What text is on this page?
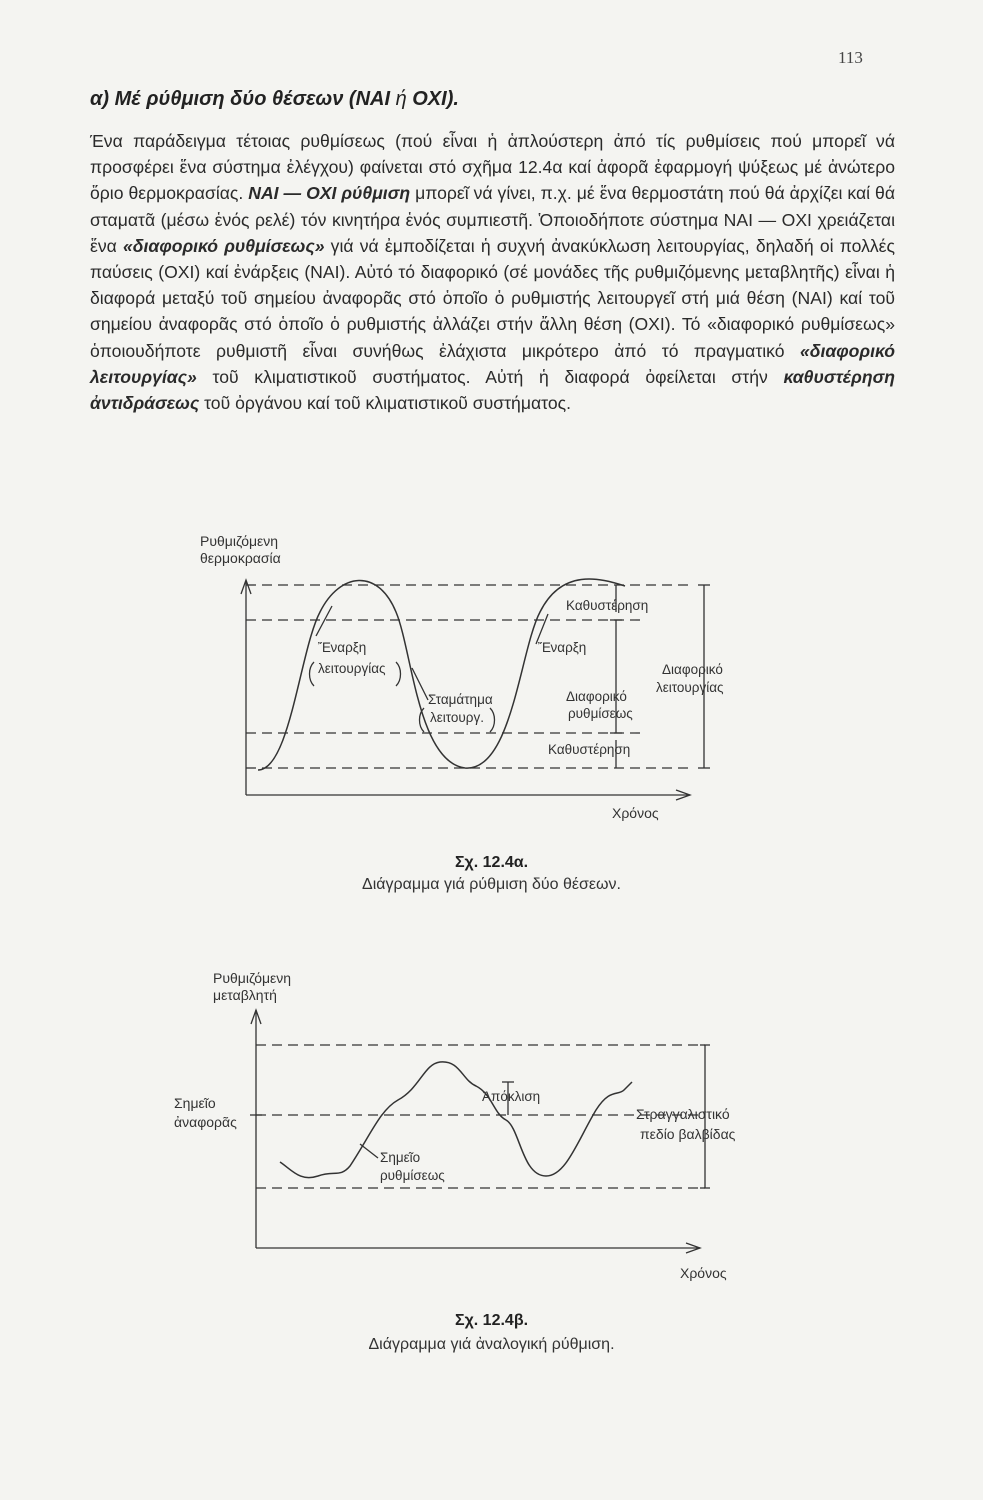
113
α) Μέ ρύθμιση δύο θέσεων (ΝΑΙ ή ΟΧΙ).
Ένα παράδειγμα τέτοιας ρυθμίσεως (πού εἶναι ἡ ἁπλούστερη ἀπό τίς ρυθμίσεις πού μπορεῖ νά προσφέρει ἕνα σύστημα ἐλέγχου) φαίνεται στό σχῆμα 12.4α καί ἀφορᾶ ἐφαρμογή ψύξεως μέ ἀνώτερο ὅριο θερμοκρασίας. ΝΑΙ — ΟΧΙ ρύθμιση μπορεῖ νά γίνει, π.χ. μέ ἕνα θερμοστάτη πού θά ἀρχίζει καί θά σταματᾶ (μέσω ἑνός ρελέ) τόν κινητήρα ἑνός συμπιεστῆ. Ὁποιοδήποτε σύστημα ΝΑΙ — ΟΧΙ χρειάζεται ἕνα «διαφορικό ρυθμίσεως» γιά νά ἐμποδίζεται ἡ συχνή ἀνακύκλωση λειτουργίας, δηλαδή οἱ πολλές παύσεις (ΟΧΙ) καί ἐνάρξεις (ΝΑΙ). Αὐτό τό διαφορικό (σέ μονάδες τῆς ρυθμιζόμενης μεταβλητῆς) εἶναι ἡ διαφορά μεταξύ τοῦ σημείου ἀναφορᾶς στό ὁποῖο ὁ ρυθμιστής λειτουργεῖ στή μιά θέση (ΝΑΙ) καί τοῦ σημείου ἀναφορᾶς στό ὁποῖο ὁ ρυθμιστής ἀλλάζει στήν ἄλλη θέση (ΟΧΙ). Τό «διαφορικό ρυθμίσεως» ὁποιουδήποτε ρυθμιστῆ εἶναι συνήθως ἐλάχιστα μικρότερο ἀπό τό πραγματικό «διαφορικό λειτουργίας» τοῦ κλιματιστικοῦ συστήματος. Αὐτή ἡ διαφορά ὀφείλεται στήν καθυστέρηση ἀντιδράσεως τοῦ ὀργάνου καί τοῦ κλιματιστικοῦ συστήματος.
Ρυθμιζόμενη
θερμοκρασία
Ἔναρξη
λειτουργίας
Σταμάτημα
λειτουργ.
Ἔναρξη
Καθυστέρηση
Διαφορικό
ρυθμίσεως
Καθυστέρηση
Διαφορικό
λειτουργίας
Χρόνος
Ρυθμιζόμενη
μεταβλητή
Σημεῖο
ἀναφορᾶς
Ἀπόκλιση
Σημεῖο
ρυθμίσεως
Στραγγαλιστικό
πεδίο βαλβίδας
Χρόνος
Σχ. 12.4α.
Διάγραμμα γιά ρύθμιση δύο θέσεων.
Σχ. 12.4β.
Διάγραμμα γιά ἀναλογική ρύθμιση.
